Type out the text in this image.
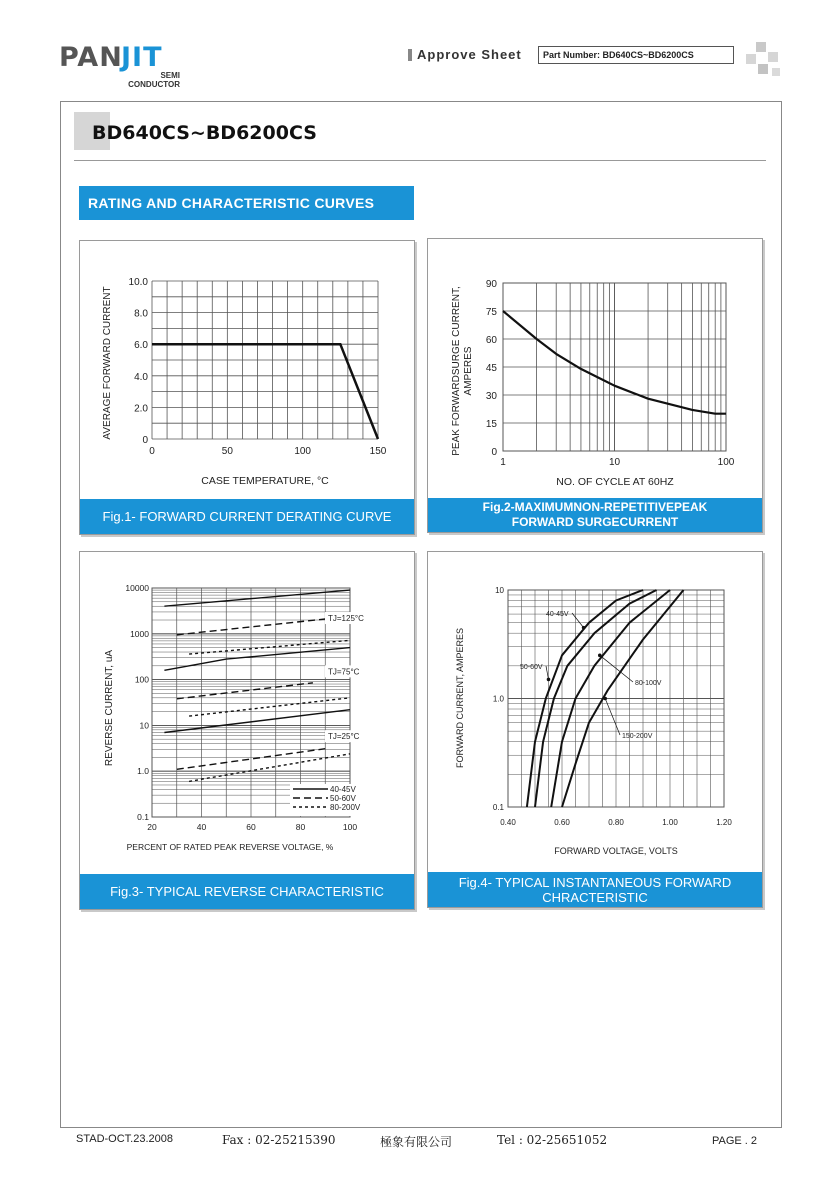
PAN
JIT
SEMI
CONDUCTOR
Approve Sheet	Part Number: BD640CS~BD6200CS
BD640CS~BD6200CS
RATING AND CHARACTERISTIC CURVES
0	50	100	150
0
2.0
4.0
6.0
8.0
10.0
CASE TEMPERATURE, °C
AVERAGE FORWARD CURRENT
Fig.1- FORWARD CURRENT DERATING CURVE
1	10	100
0
15
30
45
60
75
90
NO. OF CYCLE AT 60HZ
PEAK FORWARDSURGE CURRENT, AMPERES
Fig.2-MAXIMUMNON-REPETITIVEPEAK
FORWARD SURGECURRENT
20	40	60	80	100
0.1
1.0
10
100
1000
10000
TJ=125°C
TJ=75°C
TJ=25°C
40-45V
50-60V
80-200V
PERCENT OF RATED PEAK REVERSE VOLTAGE, %
REVERSE CURRENT, uA
Fig.3- TYPICAL REVERSE CHARACTERISTIC
0.40	0.60	0.80	1.00	1.20
0.1
1.0
10
40-45V
50-60V
80-100V
150-200V
FORWARD VOLTAGE, VOLTS
FORWARD CURRENT, AMPERES
Fig.4- TYPICAL INSTANTANEOUS FORWARD
CHRACTERISTIC
STAD-OCT.23.2008	Fax : 02-25215390	極象有限公司	Tel : 02-25651052	PAGE . 2
